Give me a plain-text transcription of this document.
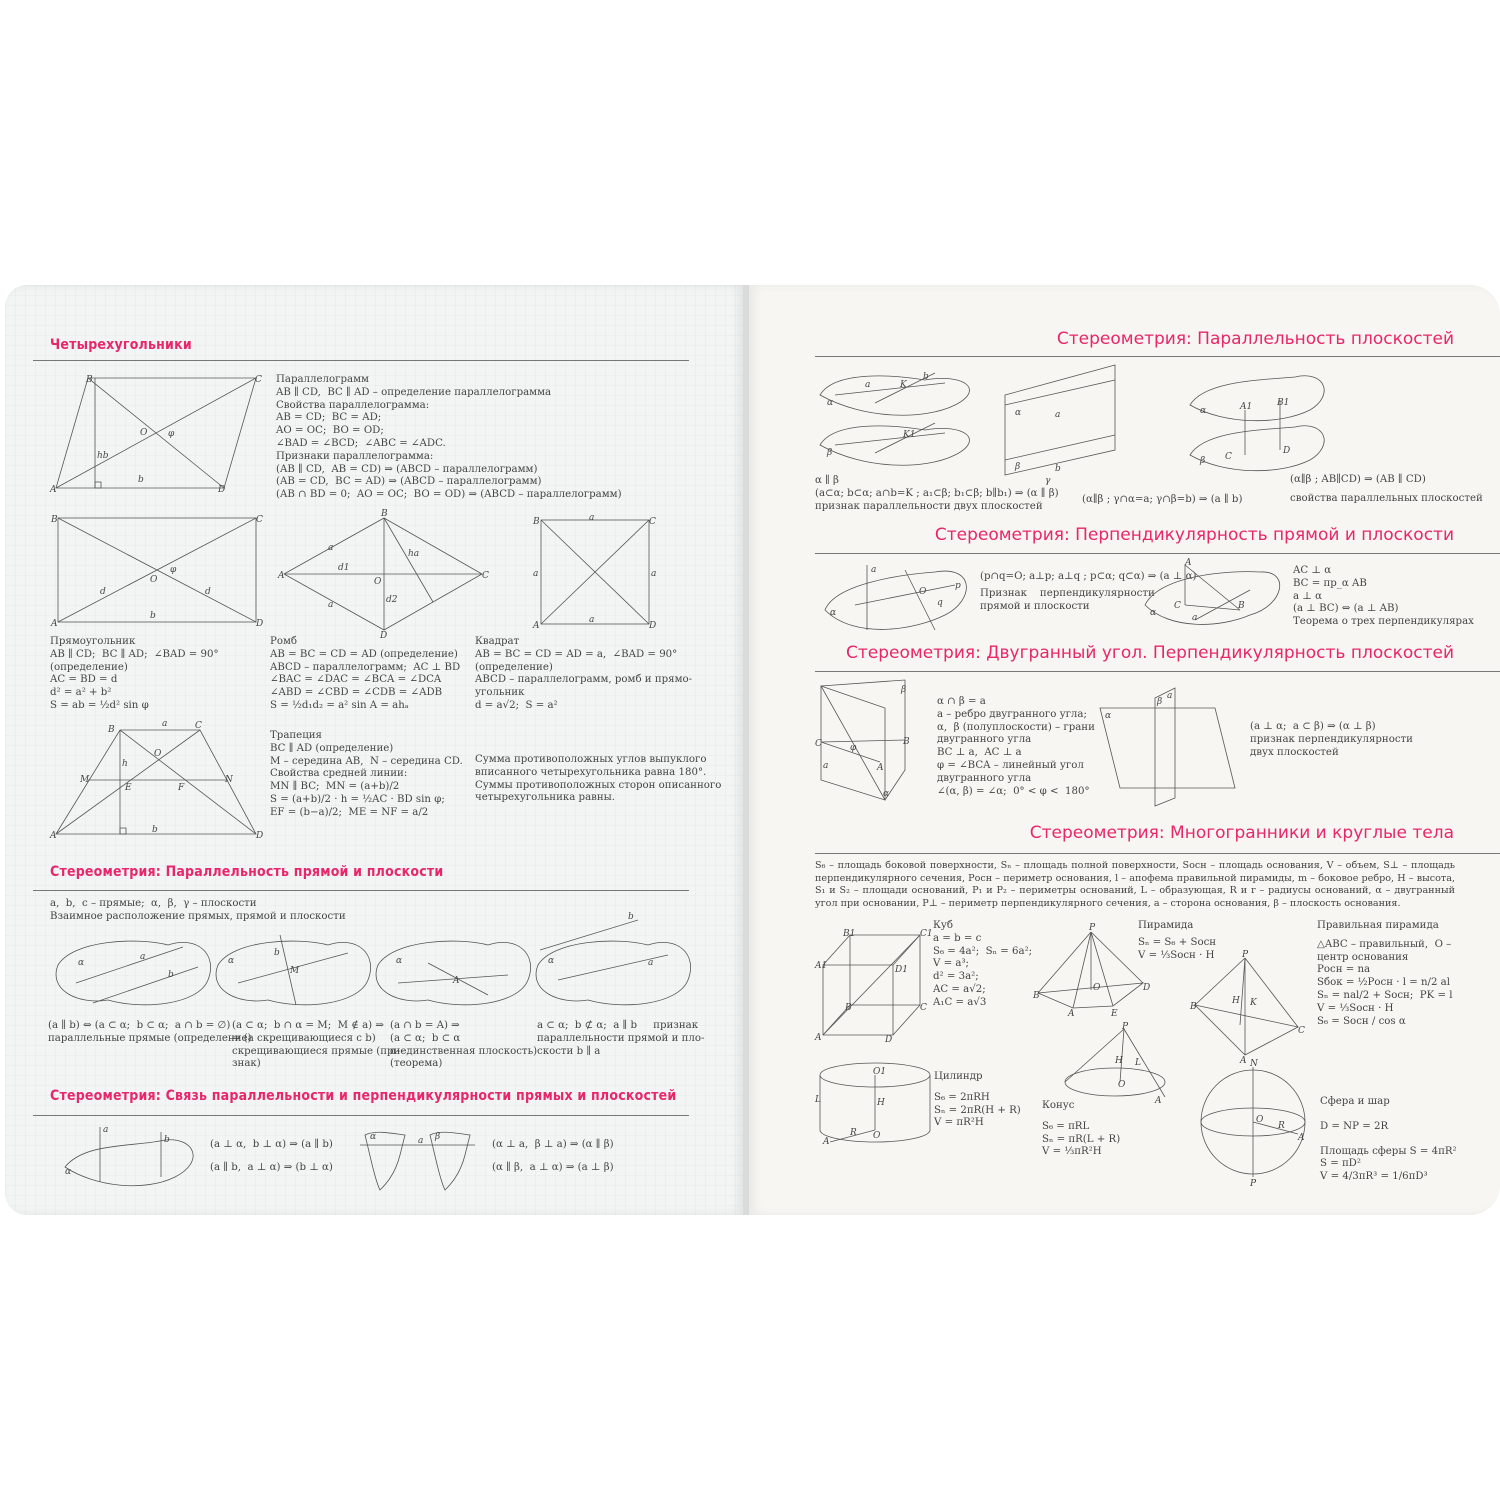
Четырехугольники
B	C
A	D
O φ
hb
b
Параллелограмм
AB ∥ CD,  BC ∥ AD – определение параллелограмма
Свойства параллелограмма:
AB = CD;  BC = AD;
AO = OC;  BO = OD;
∠BAD = ∠BCD;  ∠ABC = ∠ADC.
Признаки параллелограмма:
(AB ∥ CD,  AB = CD) ⇒ (ABCD – параллелограмм)
(AB = CD,  BC = AD) ⇒ (ABCD – параллелограмм)
(AB ∩ BD = 0;  AO = OC;  BO = OD) ⇒ (ABCD – параллелограмм)
B	C
A	D
O
φ
d	d
b
A
B
C
D
O
d1
d2
ha
a
a
B	C
A	D
a
a	a
a
Прямоугольник
AB ∥ CD;  BC ∥ AD;  ∠BAD = 90°
(определение)
AC = BD = d
d² = a² + b²
S = ab = ½d² sin φ
Ромб
AB = BC = CD = AD (определение)
ABCD – параллелограмм;  AC ⊥ BD
∠BAC = ∠DAC = ∠BCA = ∠DCA
∠ABD = ∠CBD = ∠CDB = ∠ADB
S = ½d₁d₂ = a² sin A = ahₐ
Квадрат
AB = BC = CD = AD = a,  ∠BAD = 90°
(определение)
ABCD – параллелограмм, ромб и прямо-
угольник
d = a√2;  S = a²
B	C
A	D
M	N
E	F
O
h
a
b
Трапеция
BC ∥ AD (определение)
M – середина AB,  N – середина CD.
Свойства средней линии:
MN ∥ BC;  MN = (a+b)/2
S = (a+b)/2 · h = ½AC · BD sin φ;
EF = (b−a)/2;  ME = NF = a/2
Сумма противоположных углов выпуклого
вписанного четырехугольника равна 180°.
Суммы противоположных сторон описанного
четырехугольника равны.
Стереометрия: Параллельность прямой и плоскости
a,  b,  c – прямые;  α,  β,  γ – плоскости
Взаимное расположение прямых, прямой и плоскости
a
b
α	α
M
b
α
A
b
a
α
(a ∥ b) ⇔ (a ⊂ α;  b ⊂ α;  a ∩ b = ∅)
параллельные прямые (определение)
(a ⊂ α;  b ∩ α = M;  M ∉ a) ⇒
⇒ (a скрещивающиеся с b)
скрещивающиеся прямые (при-
знак)
(a ∩ b = A) ⇒
(a ⊂ α;  b ⊂ α
α-единственная плоскость)
(теорема)
a ⊂ α;  b ⊄ α;  a ∥ b     признак
параллельности прямой и пло-
скости b ∥ a
Стереометрия: Связь параллельности и перпендикулярности прямых и плоскостей
a
b
α
(a ⊥ α,  b ⊥ α) ⇒ (a ∥ b)
(a ∥ b,  a ⊥ α) ⇒ (b ⊥ α)
α	β
a	(α ⊥ a,  β ⊥ a) ⇒ (α ∥ β)
(α ∥ β,  a ⊥ α) ⇒ (a ⊥ β)
Стереометрия: Параллельность плоскостей
α
β
K
K1
a
b
α
β
γ
a
b
A1	B1
C
D
α
β
α ∥ β
(a⊂α; b⊂α; a∩b=K ; a₁⊂β; b₁⊂β; b∥b₁) ⇒ (α ∥ β)
признак параллельности двух плоскостей
(α∥β ; γ∩α=a; γ∩β=b) ⇒ (a ∥ b)
(α∥β ; AB∥CD) ⇒ (AB ∥ CD)
свойства параллельных плоскостей
Стереометрия: Перпендикулярность прямой и плоскости
a
p
q
O
α
(p∩q=O; a⊥p; a⊥q ; p⊂α; q⊂α) ⇒ (a ⊥ α)
Признак    перпендикулярности
прямой и плоскости
A
C	B
a
α
AC ⊥ α
BC = пр_α AB
a ⊥ α
(a ⊥ BC) ⇔ (a ⊥ AB)
Теорема о трех перпендикулярах
Стереометрия: Двугранный угол. Перпендикулярность плоскостей
C	B
A
φ
β
α
a
α ∩ β = a
a – ребро двугранного угла;
α,  β (полуплоскости) – грани
двугранного угла
BC ⊥ a,  AC ⊥ a
φ = ∠BCA – линейный угол
двугранного угла
∠(α, β) = ∠α;  0° < φ <  180°
α
β
a
(a ⊥ α;  a ⊂ β) ⇒ (α ⊥ β)
признак перпендикулярности
двух плоскостей
Стереометрия: Многогранники и круглые тела
S₆ – площадь боковой поверхности, Sₙ – площадь полной поверхности, Sосн – площадь основания, V – объем, S⊥ – площадь перпендикулярного сечения, Pосн – периметр основания, l – апофема правильной пирамиды, m – боковое ребро, H – высота, S₁ и S₂ – площади оснований, P₁ и P₂ – периметры оснований, L – образующая, R и r – радиусы оснований, α – двугранный угол при основании, P⊥ – периметр перпендикулярного сечения, a – сторона основания, β – плоскость основания.
B1	C1
A1	D1
A	D
B	C
Куб
a = b = c
S₆ = 4a²;  Sₙ = 6a²;
V = a³;
d² = 3a²;
AC = a√2;
A₁C = a√3
P
B
A	E
D
O
Пирамида
Sₙ = S₆ + Sосн
V = ⅓Sосн · H	P
B
A
C
H K
Правильная пирамида
△ABC – правильный,  O –
центр основания
Pосн = na
Sбок = ½Pосн · l = n/2 al
Sₙ = nal/2 + Sосн;  PK = l
V = ⅓Sосн · H
S₆ = Sосн / cos α
O1
H
L
R O
A
Цилиндр
S₆ = 2πRH
Sₙ = 2πR(H + R)
V = πR²H
P
H
O
A
L
Конус
S₆ = πRL
Sₙ = πR(L + R)
V = ⅓πR²H
N
O
R
A
P
Сфера и шар
D = NP = 2R
Площадь сферы S = 4πR²
S = πD²
V = 4/3πR³ = 1/6πD³
